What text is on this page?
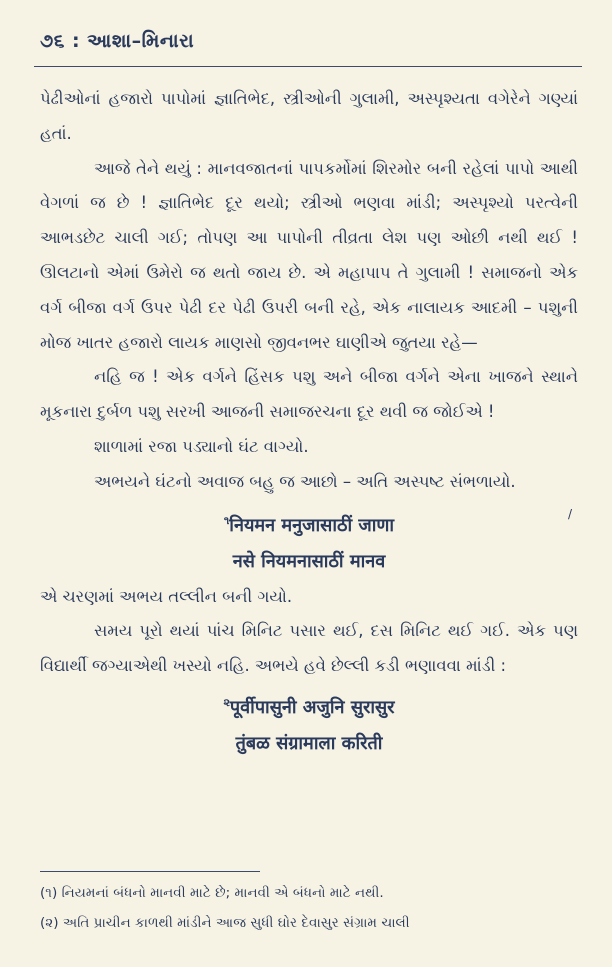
૭૬ : આશા–મિનારા

પેઢીઓનાં હજારો પાપોમાં જ્ઞાતિભેદ, સ્ત્રીઓની ગુલામી, અસ્પૃશ્યતા વગેરેને ગણ્યાં હતાં.

આજે તેને થયું : માનવજાતનાં પાપકર્મોમાં શિરમોર બની રહેલાં પાપો આથી વેગળાં જ છે ! જ્ઞાતિભેદ દૂર થયો; સ્ત્રીઓ ભણવા માંડી; અસ્પૃશ્યો પરત્વેની આભડછેટ ચાલી ગઈ; તોપણ આ પાપોની તીવ્રતા લેશ પણ ઓછી નથી થઈ ! ઊલટાનો એમાં ઉમેરો જ થતો જાય છે. એ મહાપાપ તે ગુલામી ! સમાજનો એક વર્ગ બીજા વર્ગ ઉપર પેઢી દર પેઢી ઉપરી બની રહે, એક નાલાયક આદમી – પશુની મોજ ખાતર હજારો લાયક માણસો જીવનભર ઘાણીએ જુતયા રહે—

નહિ જ ! એક વર્ગને હિંસક પશુ અને બીજા વર્ગને એના ખાજને સ્થાને મૂકનારા દુર્બળ પશુ સરખી આજની સમાજરચના દૂર થવી જ જોઈએ !

શાળામાં રજા પડ્યાનો ઘંટ વાગ્યો.

અભયને ઘંટનો અવાજ બહુ જ આછો – અતિ અસ્પષ્ટ સંભળાયો.

$^૧$नियमन मनुजासाठीं जाणा
नसे नियमनासाठीं मानव

એ ચરણમાં અભય તલ્લીન બની ગયો.

સમય પૂરો થયાં પાંચ મિનિટ પસાર થઈ, દસ મિનિટ થઈ ગઈ. એક પણ વિદ્યાર્થી જગ્યાએથી ખસ્યો નહિ. અભયે હવે છેલ્લી કડી ભણાવવા માંડી :

$^૨$पूर्वीपासुनी अजुनि सुरासुर
तुंबळ संग्रामाला करिती
/

(૧) નિયમનાં બંધનો માનવી માટે છે; માનવી એ બંધનો માટે નથી.

(૨) અતિ પ્રાચીન કાળથી માંડીને આજ સુધી ઘોર દેવાસુર સંગ્રામ ચાલી
